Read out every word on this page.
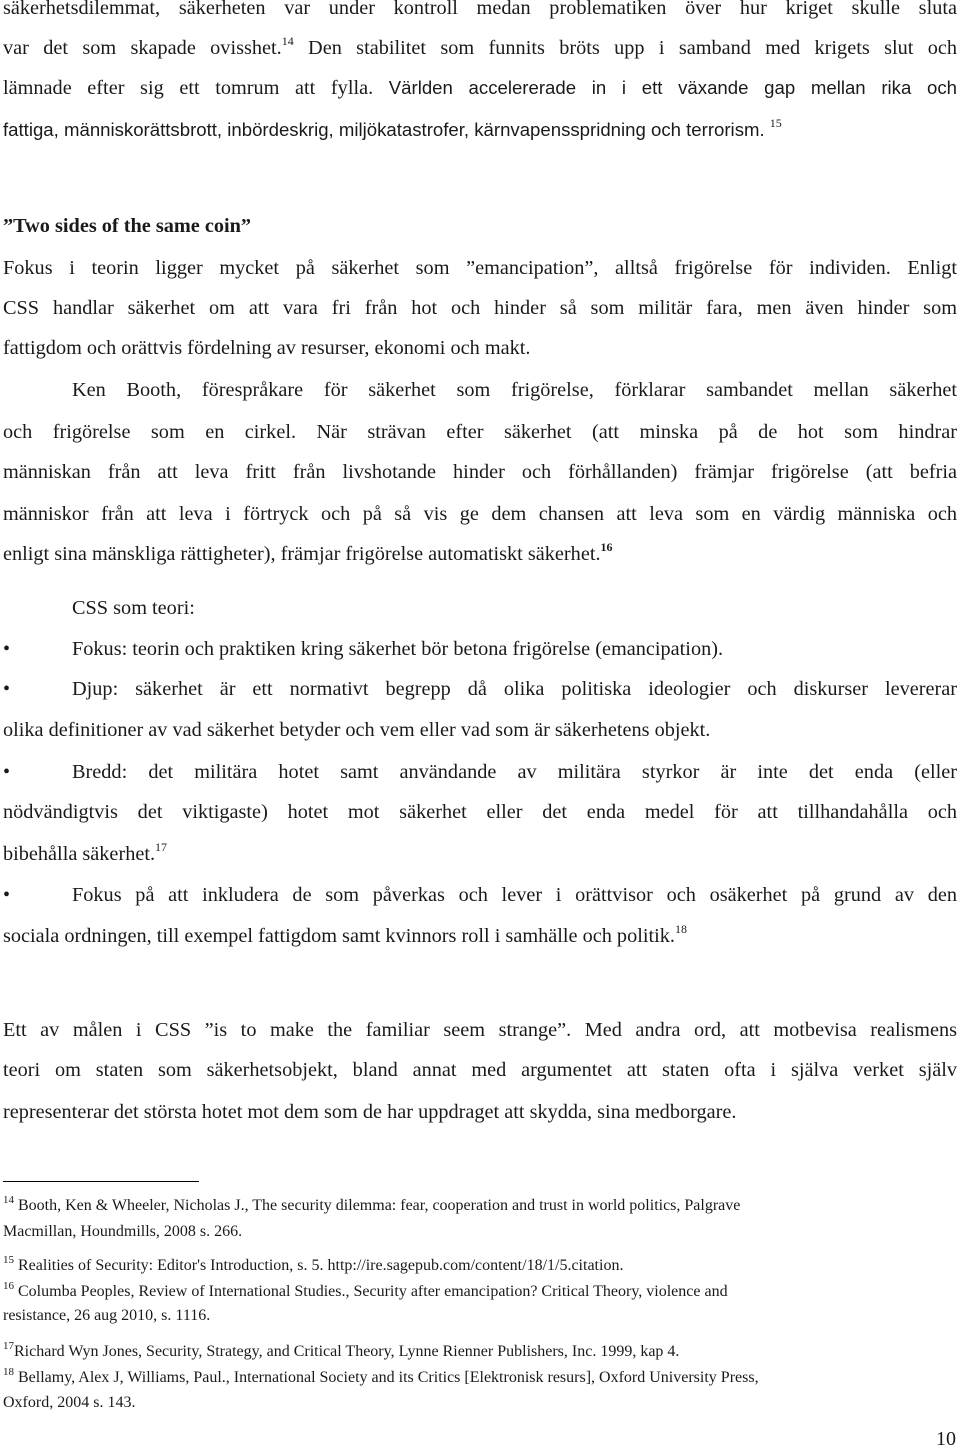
säkerhetsdilemmat, säkerheten var under kontroll medan problematiken över hur kriget skulle sluta
var det som skapade ovisshet.$^{14}$ Den stabilitet som funnits bröts upp i samband med krigets slut och
lämnade efter sig ett tomrum att fylla. Världen accelererade in i ett växande gap mellan rika och
fattiga, människorättsbrott, inbördeskrig, miljökatastrofer, kärnvapensspridning och terrorism. $^{15}$
”Two sides of the same coin”
Fokus i teorin ligger mycket på säkerhet som ”emancipation”, alltså frigörelse för individen. Enligt
CSS handlar säkerhet om att vara fri från hot och hinder så som militär fara, men även hinder som
fattigdom och orättvis fördelning av resurser, ekonomi och makt.
Ken Booth, förespråkare för säkerhet som frigörelse, förklarar sambandet mellan säkerhet
och frigörelse som en cirkel. När strävan efter säkerhet (att minska på de hot som hindrar
människan från att leva fritt från livshotande hinder och förhållanden) främjar frigörelse (att befria
människor från att leva i förtryck och på så vis ge dem chansen att leva som en värdig människa och
enligt sina mänskliga rättigheter), främjar frigörelse automatiskt säkerhet.$^{16}$
CSS som teori:
•	Fokus: teorin och praktiken kring säkerhet bör betona frigörelse (emancipation).
•	Djup: säkerhet är ett normativt begrepp då olika politiska ideologier och diskurser levererar
olika definitioner av vad säkerhet betyder och vem eller vad som är säkerhetens objekt.
•	Bredd: det militära hotet samt användande av militära styrkor är inte det enda (eller
nödvändigtvis det viktigaste) hotet mot säkerhet eller det enda medel för att tillhandahålla och
bibehålla säkerhet.$^{17}$
•	Fokus på att inkludera de som påverkas och lever i orättvisor och osäkerhet på grund av den
sociala ordningen, till exempel fattigdom samt kvinnors roll i samhälle och politik.$^{18}$
Ett av målen i CSS ”is to make the familiar seem strange”. Med andra ord, att motbevisa realismens
teori om staten som säkerhetsobjekt, bland annat med argumentet att staten ofta i själva verket själv
representerar det största hotet mot dem som de har uppdraget att skydda, sina medborgare.
$^{14}$ Booth, Ken & Wheeler, Nicholas J., The security dilemma: fear, cooperation and trust in world politics, Palgrave
Macmillan, Houndmills, 2008 s. 266.
$^{15}$ Realities of Security: Editor's Introduction, s. 5. http://ire.sagepub.com/content/18/1/5.citation.
$^{16}$ Columba Peoples, Review of International Studies., Security after emancipation? Critical Theory, violence and
resistance, 26 aug 2010, s. 1116.
$^{17}$Richard Wyn Jones, Security, Strategy, and Critical Theory, Lynne Rienner Publishers, Inc. 1999, kap 4.
$^{18}$ Bellamy, Alex J, Williams, Paul., International Society and its Critics [Elektronisk resurs], Oxford University Press,
Oxford, 2004 s. 143.
10
